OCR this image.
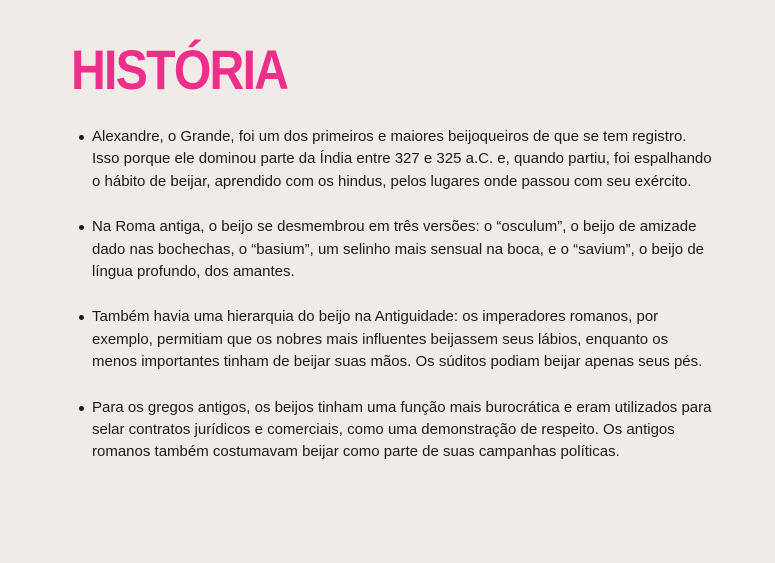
HISTÓRIA
Alexandre, o Grande, foi um dos primeiros e maiores beijoqueiros de que se tem registro. Isso porque ele dominou parte da Índia entre 327 e 325 a.C. e, quando partiu, foi espalhando o hábito de beijar, aprendido com os hindus, pelos lugares onde passou com seu exército.
Na Roma antiga, o beijo se desmembrou em três versões: o “osculum”, o beijo de amizade dado nas bochechas, o “basium”, um selinho mais sensual na boca, e o “savium”, o beijo de língua profundo, dos amantes.
Também havia uma hierarquia do beijo na Antiguidade: os imperadores romanos, por exemplo, permitiam que os nobres mais influentes beijassem seus lábios, enquanto os menos importantes tinham de beijar suas mãos. Os súditos podiam beijar apenas seus pés.
Para os gregos antigos, os beijos tinham uma função mais burocrática e eram utilizados para selar contratos jurídicos e comerciais, como uma demonstração de respeito. Os antigos romanos também costumavam beijar como parte de suas campanhas políticas.
